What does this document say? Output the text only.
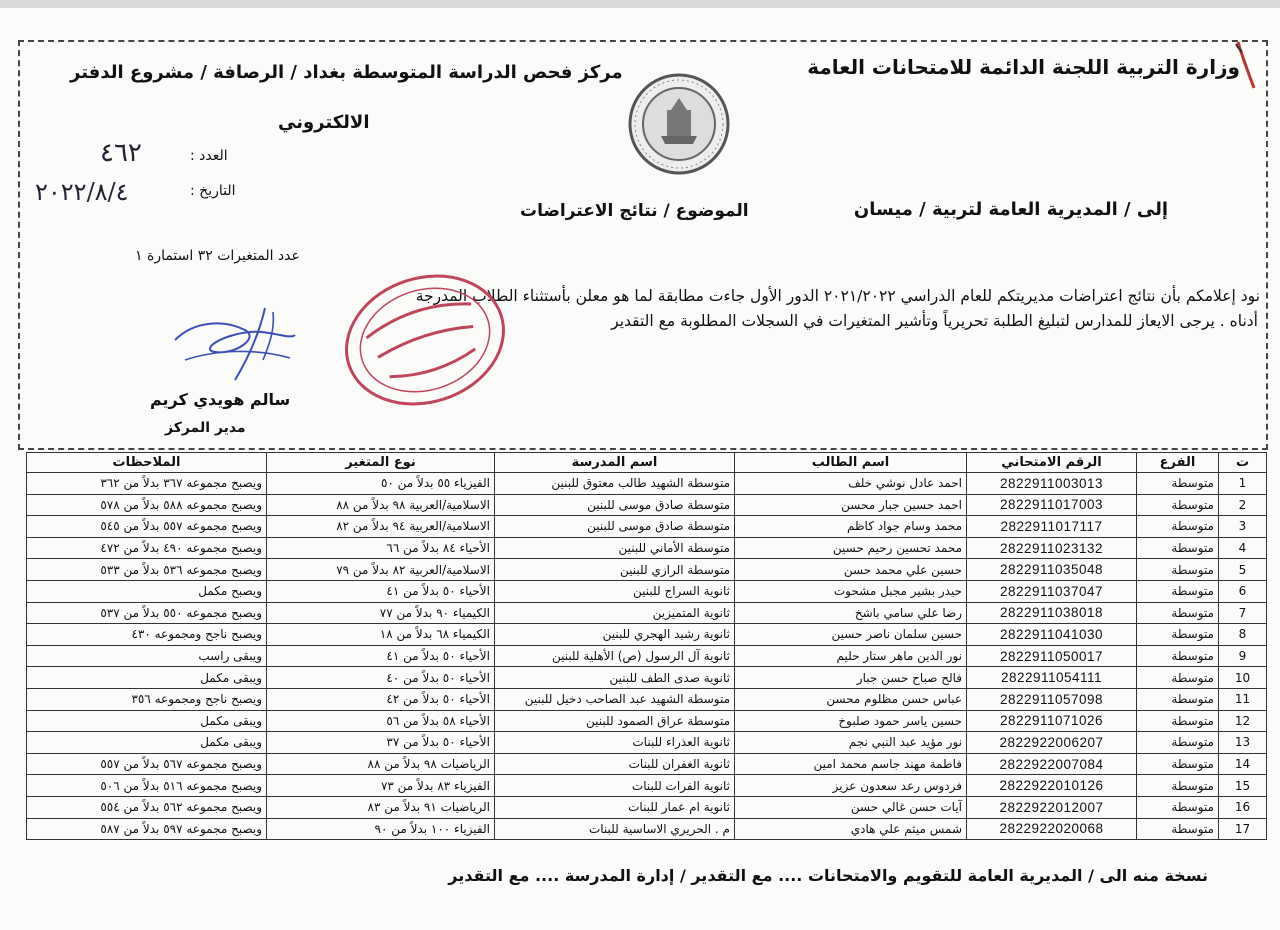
وزارة التربية اللجنة الدائمة للامتحانات العامة
مركز فحص الدراسة المتوسطة بغداد / الرصافة / مشروع الدفتر
الالكتروني
العدد :
٤٦٢
التاريخ :
٢٠٢٢/٨/٤
إلى / المديرية العامة لتربية / ميسان
الموضوع / نتائج الاعتراضات
عدد المتغيرات ٣٢ استمارة ١
نود إعلامكم بأن نتائج اعتراضات مديريتكم للعام الدراسي ٢٠٢١/٢٠٢٢ الدور الأول جاءت مطابقة لما هو معلن بأستثناء الطلاب المدرجة
أدناه . يرجى الايعاز للمدارس لتبليغ الطلبة تحريرياً وتأشير المتغيرات في السجلات المطلوبة مع التقدير
سالم هويدي كريم
مدير المركز
ت	الفرع	الرقم الامتحاني	اسم الطالب	اسم المدرسة	نوع المتغير	الملاحظات
1	متوسطة	2822911003013	احمد عادل نوشي خلف	متوسطة الشهيد طالب معتوق للبنين	الفيزياء ٥٥ بدلاً من ٥٠	ويصبح مجموعه ٣٦٧ بدلاً من ٣٦٢
2	متوسطة	2822911017003	احمد حسين جبار محسن	متوسطة صادق موسى للبنين	الاسلامية/العربية ٩٨ بدلاً من ٨٨	ويصبح مجموعه ٥٨٨ بدلاً من ٥٧٨
3	متوسطة	2822911017117	محمد وسام جواد كاظم	متوسطة صادق موسى للبنين	الاسلامية/العربية ٩٤ بدلاً من ٨٢	ويصبح مجموعه ٥٥٧ بدلاً من ٥٤٥
4	متوسطة	2822911023132	محمد تحسين رحيم حسين	متوسطة الأماني للبنين	الأحياء ٨٤ بدلاً من ٦٦	ويصبح مجموعه ٤٩٠ بدلاً من ٤٧٢
5	متوسطة	2822911035048	حسين علي محمد حسن	متوسطة الرازي للبنين	الاسلامية/العربية ٨٢ بدلاً من ٧٩	ويصبح مجموعه ٥٣٦ بدلاً من ٥٣٣
6	متوسطة	2822911037047	حيدر بشير مجبل مشحوت	ثانوية السراج للبنين	الأحياء ٥٠ بدلاً من ٤١	ويصبح مكمل
7	متوسطة	2822911038018	رضا علي سامي باشخ	ثانوية المتميزين	الكيمياء ٩٠ بدلاً من ٧٧	ويصبح مجموعه ٥٥٠ بدلاً من ٥٣٧
8	متوسطة	2822911041030	حسين سلمان ناصر حسين	ثانوية رشيد الهجري للبنين	الكيمياء ٦٨ بدلاً من ١٨	ويصبح ناجح ومجموعه ٤٣٠
9	متوسطة	2822911050017	نور الدين ماهر ستار حليم	ثانوية آل الرسول (ص) الأهلية للبنين	الأحياء ٥٠ بدلاً من ٤١	ويبقى راسب
10	متوسطة	2822911054111	فالح صباح حسن جبار	ثانوية صدى الطف للبنين	الأحياء ٥٠ بدلاً من ٤٠	ويبقى مكمل
11	متوسطة	2822911057098	عباس حسن مظلوم محسن	متوسطة الشهيد عبد الصاحب دخيل للبنين	الأحياء ٥٠ بدلاً من ٤٢	ويصبح ناجح ومجموعه ٣٥٦
12	متوسطة	2822911071026	حسين ياسر حمود صلبوخ	متوسطة عراق الصمود للبنين	الأحياء ٥٨ بدلاً من ٥٦	ويبقى مكمل
13	متوسطة	2822922006207	نور مؤيد عبد النبي نجم	ثانوية العذراء للبنات	الأحياء ٥٠ بدلاً من ٣٧	ويبقى مكمل
14	متوسطة	2822922007084	فاطمة مهند جاسم محمد امين	ثانوية الغفران للبنات	الرياضيات ٩٨ بدلاً من ٨٨	ويصبح مجموعه ٥٦٧ بدلاً من ٥٥٧
15	متوسطة	2822922010126	فردوس رعد سعدون عزيز	ثانوية الفرات للبنات	الفيزياء ٨٣ بدلاً من ٧٣	ويصبح مجموعه ٥١٦ بدلاً من ٥٠٦
16	متوسطة	2822922012007	آيات حسن غالي حسن	ثانوية ام عمار للبنات	الرياضيات ٩١ بدلاً من ٨٣	ويصبح مجموعه ٥٦٢ بدلاً من ٥٥٤
17	متوسطة	2822922020068	شمس ميثم علي هادي	م . الحريري الاساسية للبنات	الفيزياء ١٠٠ بدلاً من ٩٠	ويصبح مجموعه ٥٩٧ بدلاً من ٥٨٧
نسخة منه الى / المديرية العامة للتقويم والامتحانات .... مع التقدير / إدارة المدرسة .... مع التقدير
